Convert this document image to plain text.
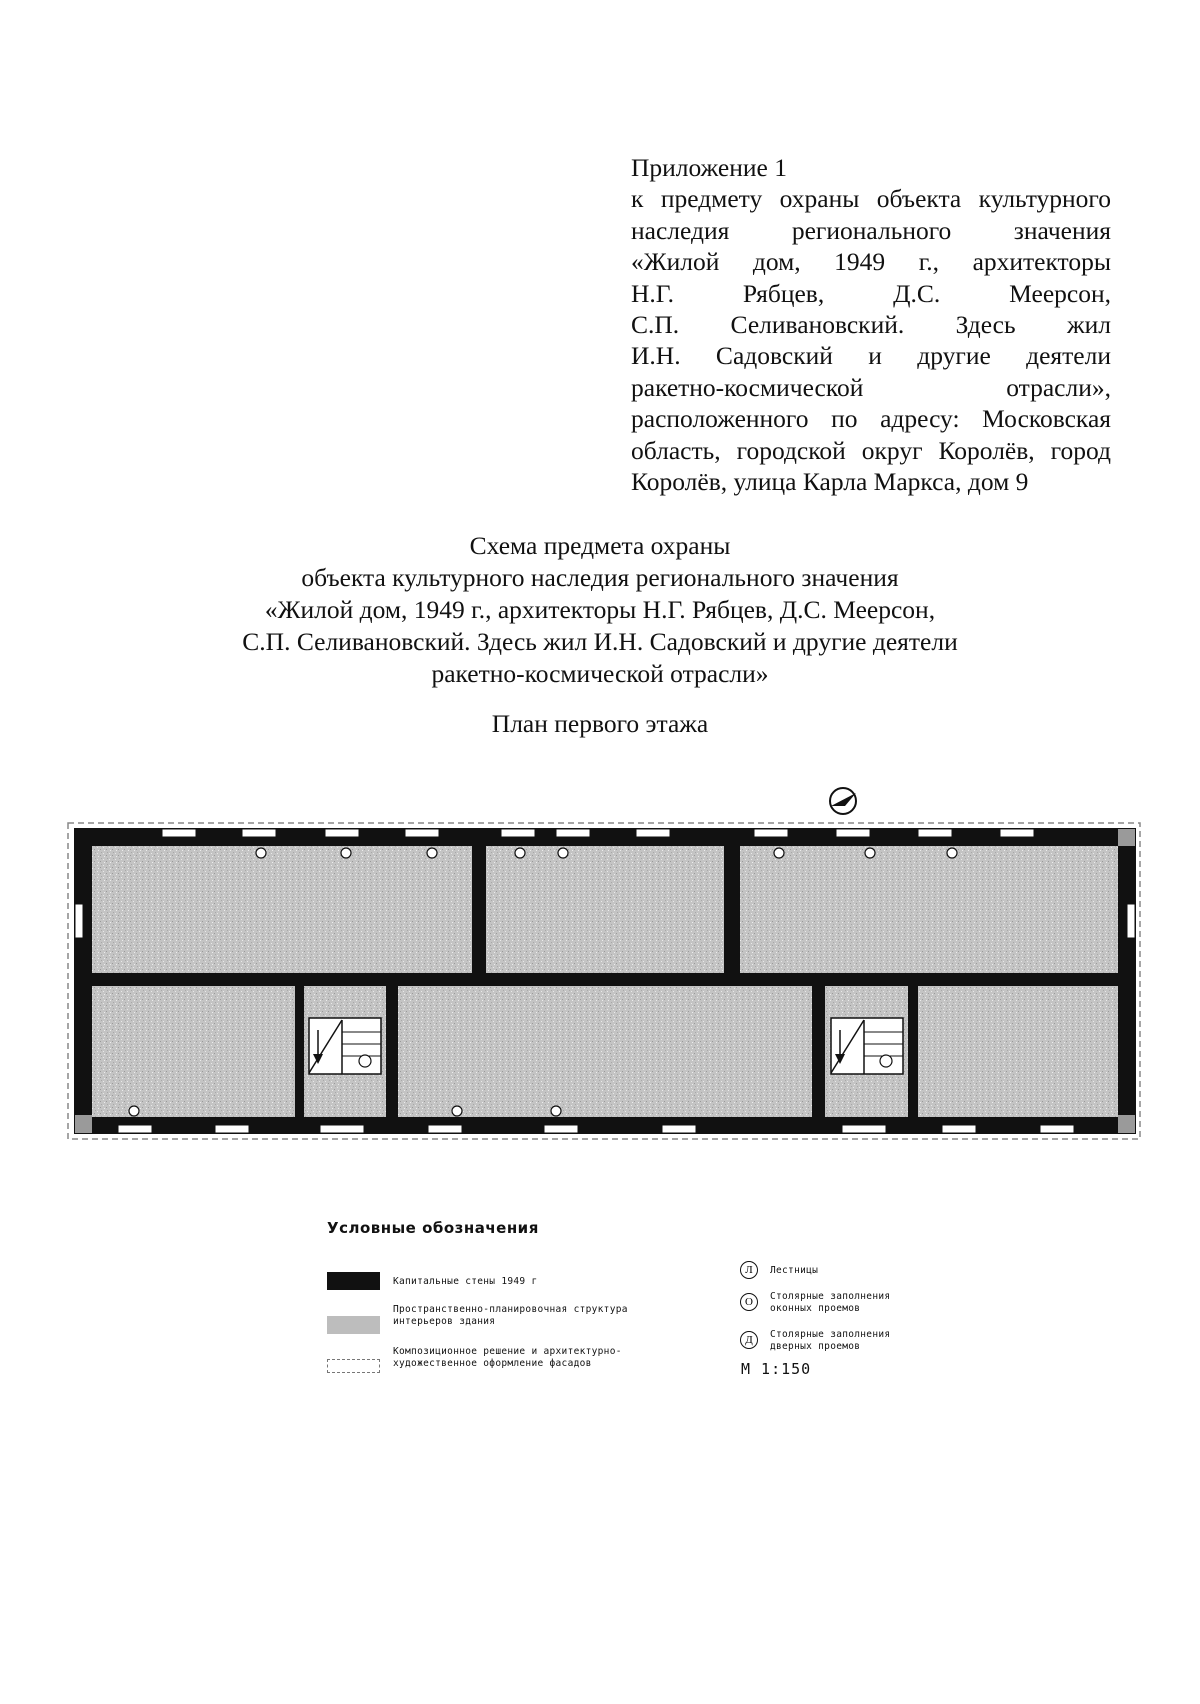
Приложение 1
к предмету охраны объекта культурного
наследия регионального значения
«Жилой дом, 1949 г., архитекторы
Н.Г. Рябцев, Д.С. Меерсон,
С.П. Селивановский. Здесь жил
И.Н. Садовский и другие деятели
ракетно-космической отрасли»,
расположенного по адресу: Московская
область, городской округ Королёв, город
Королёв, улица Карла Маркса, дом 9
Схема предмета охраны
объекта культурного наследия регионального значения
«Жилой дом, 1949 г., архитекторы Н.Г. Рябцев, Д.С. Меерсон,
С.П. Селивановский. Здесь жил И.Н. Садовский и другие деятели
ракетно-космической отрасли»
План первого этажа
Условные обозначения
Капитальные стены 1949 г
Пространственно-планировочная структура
интерьеров здания
Композиционное решение и архитектурно-
художественное оформление фасадов
Л	Лестницы
О	Столярные заполнения
оконных проемов
Д	Столярные заполнения
дверных проемов
М 1:150
